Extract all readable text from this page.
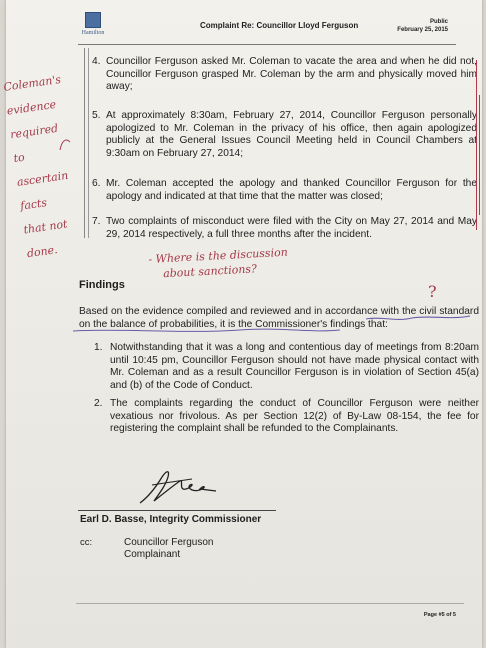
Hamilton
Complaint Re: Councillor Lloyd Ferguson	Public
February 25, 2015
4. Councillor Ferguson asked Mr. Coleman to vacate the area and when he did not, Councillor Ferguson grasped Mr. Coleman by the arm and physically moved him away;
5. At approximately 8:30am, February 27, 2014, Councillor Ferguson personally apologized to Mr. Coleman in the privacy of his office, then again apologized publicly at the General Issues Council Meeting held in Council Chambers at 9:30am on February 27, 2014;
6. Mr. Coleman accepted the apology and thanked Councillor Ferguson for the apology and indicated at that time that the matter was closed;
7. Two complaints of misconduct were filed with the City on May 27, 2014 and May 29, 2014 respectively, a full three months after the incident.
Findings
Based on the evidence compiled and reviewed and in accordance with the civil standard on the balance of probabilities, it is the Commissioner's findings that:
1. Notwithstanding that it was a long and contentious day of meetings from 8:20am until 10:45 pm, Councillor Ferguson should not have made physical contact with Mr. Coleman and as a result Councillor Ferguson is in violation of Section 45(a) and (b) of the Code of Conduct.
2. The complaints regarding the conduct of Councillor Ferguson were neither vexatious nor frivolous. As per Section 12(2) of By-Law 08-154, the fee for registering the complaint shall be refunded to the Complainants.
Earl D. Basse, Integrity Commissioner
cc:	Councillor Ferguson
Complainant
Page #5 of 5
Coleman's
evidence
required
to
ascertain
facts
that not
done.	- Where is the discussion
about sanctions?
?
